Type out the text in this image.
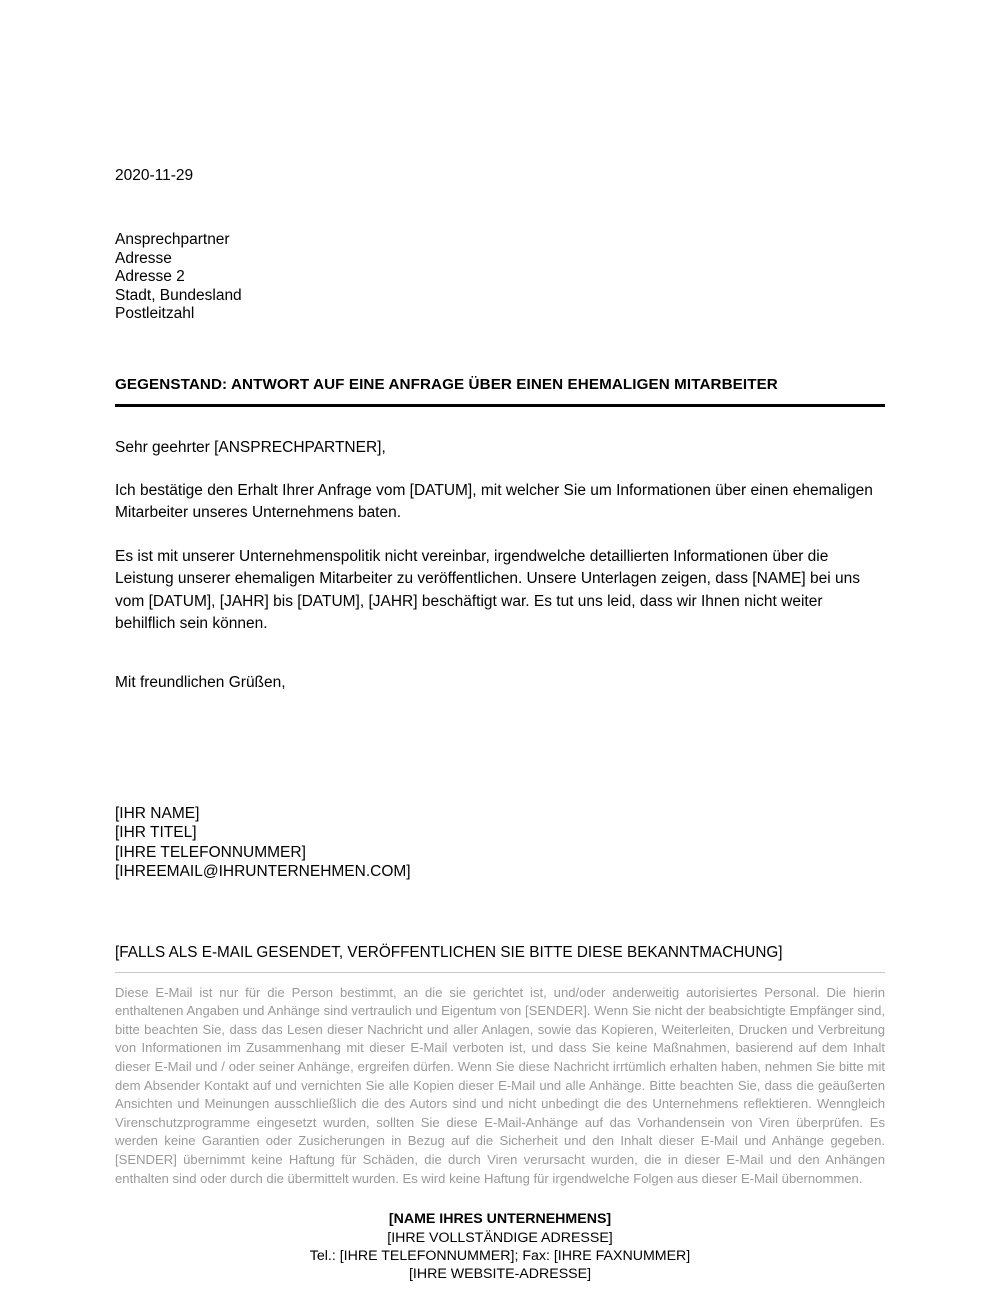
2020-11-29
Ansprechpartner
Adresse
Adresse 2
Stadt, Bundesland
Postleitzahl
GEGENSTAND: ANTWORT AUF EINE ANFRAGE ÜBER EINEN EHEMALIGEN MITARBEITER
Sehr geehrter [ANSPRECHPARTNER],
Ich bestätige den Erhalt Ihrer Anfrage vom [DATUM], mit welcher Sie um Informationen über einen ehemaligen Mitarbeiter unseres Unternehmens baten.
Es ist mit unserer Unternehmenspolitik nicht vereinbar, irgendwelche detaillierten Informationen über die Leistung unserer ehemaligen Mitarbeiter zu veröffentlichen. Unsere Unterlagen zeigen, dass [NAME] bei uns vom [DATUM], [JAHR] bis [DATUM], [JAHR] beschäftigt war. Es tut uns leid, dass wir Ihnen nicht weiter behilflich sein können.
Mit freundlichen Grüßen,
[IHR NAME]
[IHR TITEL]
[IHRE TELEFONNUMMER]
[IHREEMAIL@IHRUNTERNEHMEN.COM]
[FALLS ALS E-MAIL GESENDET, VERÖFFENTLICHEN SIE BITTE DIESE BEKANNTMACHUNG]
Diese E-Mail ist nur für die Person bestimmt, an die sie gerichtet ist, und/oder anderweitig autorisiertes Personal. Die hierin enthaltenen Angaben und Anhänge sind vertraulich und Eigentum von [SENDER]. Wenn Sie nicht der beabsichtigte Empfänger sind, bitte beachten Sie, dass das Lesen dieser Nachricht und aller Anlagen, sowie das Kopieren, Weiterleiten, Drucken und Verbreitung von Informationen im Zusammenhang mit dieser E-Mail verboten ist, und dass Sie keine Maßnahmen, basierend auf dem Inhalt dieser E-Mail und / oder seiner Anhänge, ergreifen dürfen. Wenn Sie diese Nachricht irrtümlich erhalten haben, nehmen Sie bitte mit dem Absender Kontakt auf und vernichten Sie alle Kopien dieser E-Mail und alle Anhänge. Bitte beachten Sie, dass die geäußerten Ansichten und Meinungen ausschließlich die des Autors sind und nicht unbedingt die des Unternehmens reflektieren. Wenngleich Virenschutzprogramme eingesetzt wurden, sollten Sie diese E-Mail-Anhänge auf das Vorhandensein von Viren überprüfen. Es werden keine Garantien oder Zusicherungen in Bezug auf die Sicherheit und den Inhalt dieser E-Mail und Anhänge gegeben. [SENDER] übernimmt keine Haftung für Schäden, die durch Viren verursacht wurden, die in dieser E-Mail und den Anhängen enthalten sind oder durch die übermittelt wurden. Es wird keine Haftung für irgendwelche Folgen aus dieser E-Mail übernommen.
[NAME IHRES UNTERNEHMENS]
[IHRE VOLLSTÄNDIGE ADRESSE]
Tel.: [IHRE TELEFONNUMMER]; Fax: [IHRE FAXNUMMER]
[IHRE WEBSITE-ADRESSE]
